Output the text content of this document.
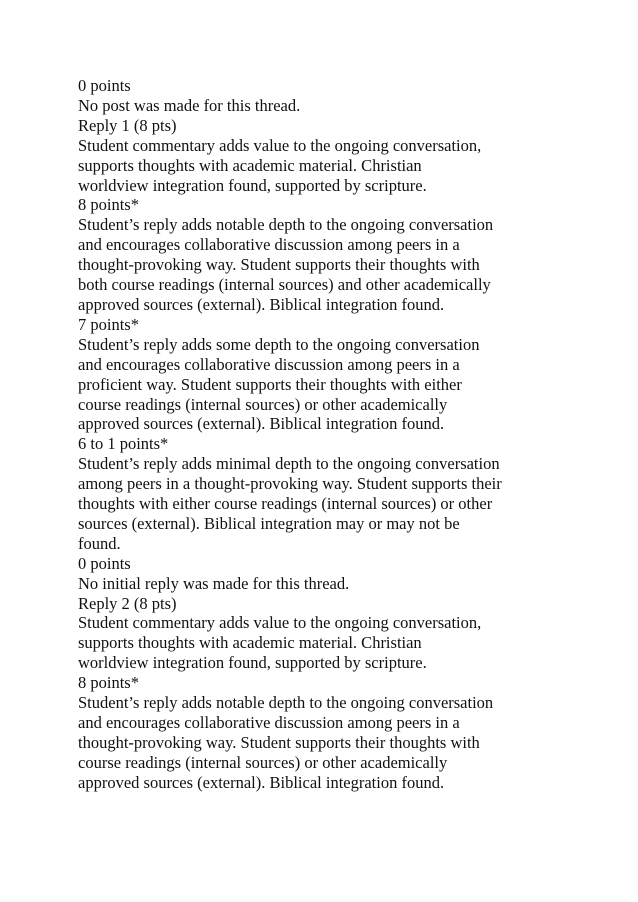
0 points
No post was made for this thread.
Reply 1 (8 pts)
Student commentary adds value to the ongoing conversation,
supports thoughts with academic material. Christian
worldview integration found, supported by scripture.
8 points*
Student’s reply adds notable depth to the ongoing conversation
and encourages collaborative discussion among peers in a
thought-provoking way. Student supports their thoughts with
both course readings (internal sources) and other academically
approved sources (external). Biblical integration found.
7 points*
Student’s reply adds some depth to the ongoing conversation
and encourages collaborative discussion among peers in a
proficient way. Student supports their thoughts with either
course readings (internal sources) or other academically
approved sources (external). Biblical integration found.
6 to 1 points*
Student’s reply adds minimal depth to the ongoing conversation
among peers in a thought-provoking way. Student supports their
thoughts with either course readings (internal sources) or other
sources (external). Biblical integration may or may not be
found.
0 points
No initial reply was made for this thread.
Reply 2 (8 pts)
Student commentary adds value to the ongoing conversation,
supports thoughts with academic material. Christian
worldview integration found, supported by scripture.
8 points*
Student’s reply adds notable depth to the ongoing conversation
and encourages collaborative discussion among peers in a
thought-provoking way. Student supports their thoughts with
course readings (internal sources) or other academically
approved sources (external). Biblical integration found.
